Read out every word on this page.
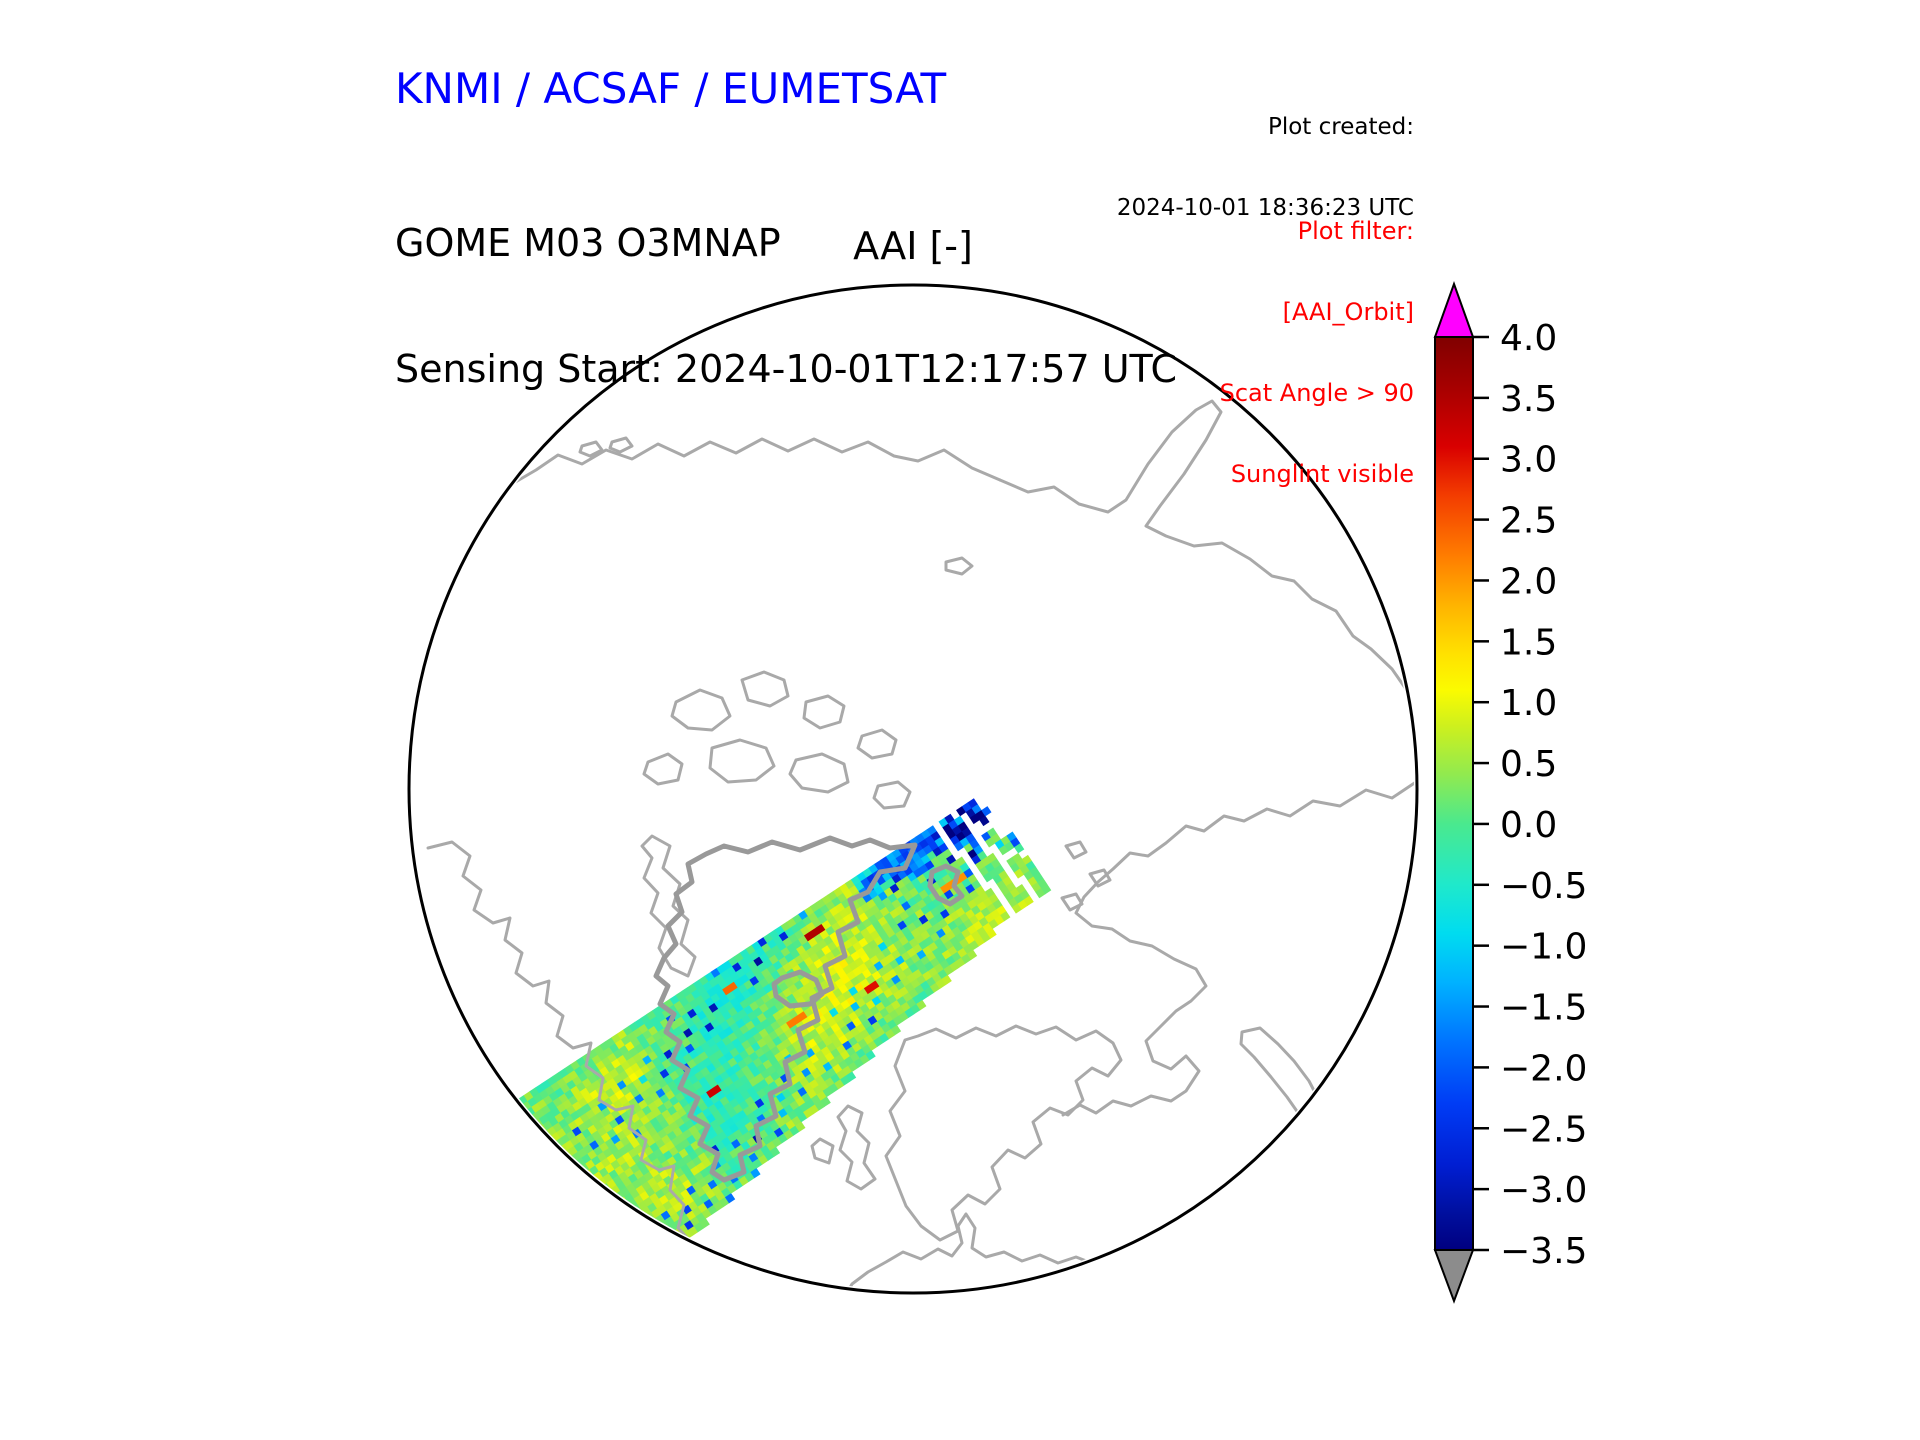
4.0
3.5
3.0
2.5
2.0
1.5
1.0
0.5
0.0
−0.5
−1.0
−1.5
−2.0
−2.5
−3.0
−3.5
KNMI / ACSAF / EUMETSAT

Plot created:

2024-10-01 18:36:23 UTC

GOME M03 O3MNAP

Sensing Start: 2024-10-01T12:17:57 UTC

AAI [-]

	Plot filter:

[AAI_Orbit]

Scat Angle > 90

Sunglint visible
